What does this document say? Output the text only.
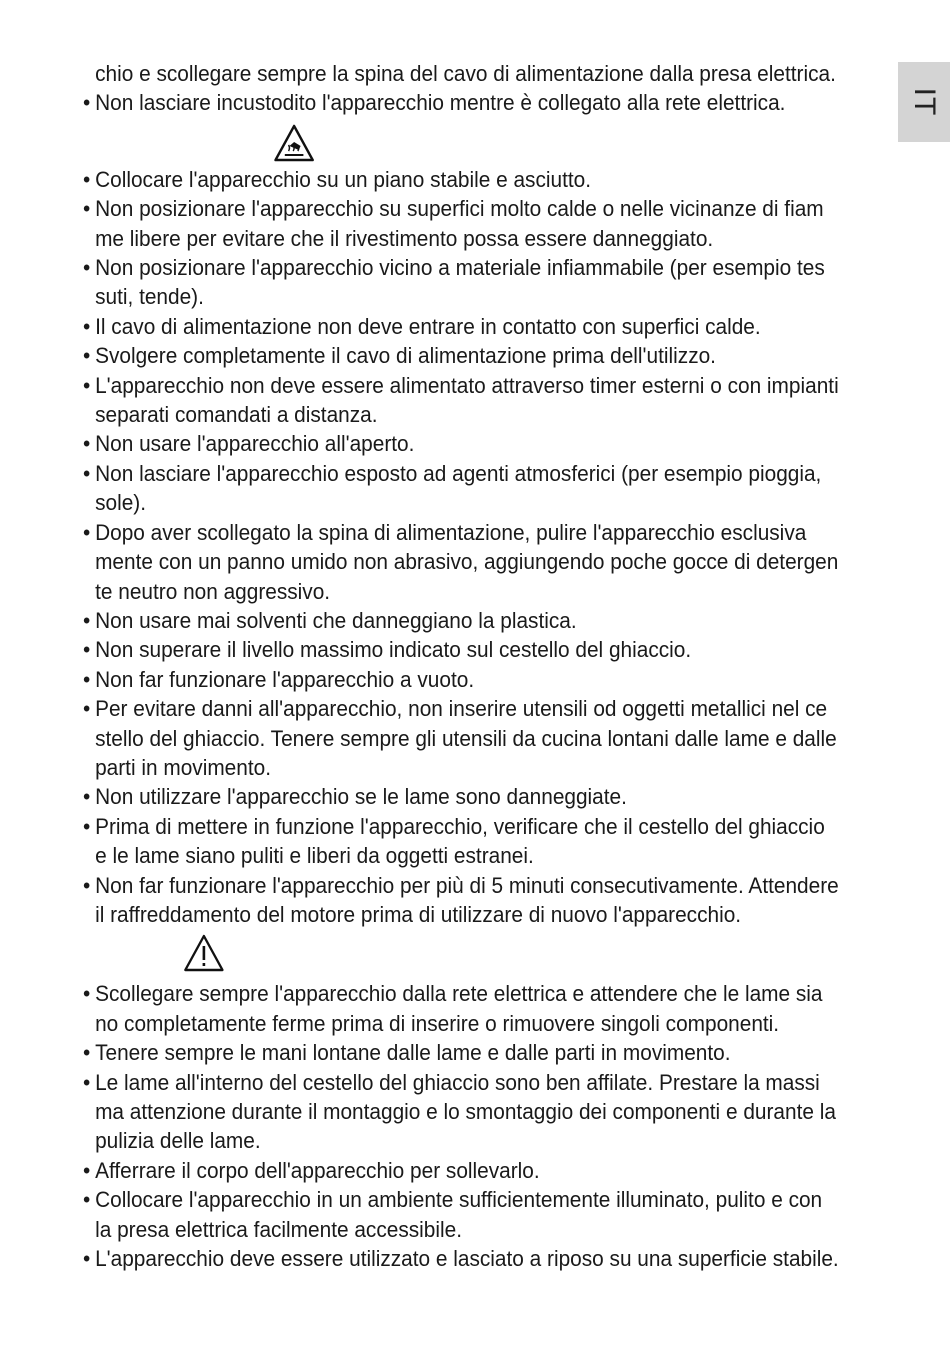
IT
chio e scollegare sempre la spina del cavo di alimentazione dalla presa elettrica.
• Non lasciare incustodito l'apparecchio mentre è collegato alla rete elettrica.
• Collocare l'apparecchio su un piano stabile e asciutto.
• Non posizionare l'apparecchio su superfici molto calde o nelle vicinanze di fiam
me libere per evitare che il rivestimento possa essere danneggiato.
• Non posizionare l'apparecchio vicino a materiale infiammabile (per esempio tes
suti, tende).
• Il cavo di alimentazione non deve entrare in contatto con superfici calde.
• Svolgere completamente il cavo di alimentazione prima dell'utilizzo.
• L'apparecchio non deve essere alimentato attraverso timer esterni o con impianti
separati comandati a distanza.
• Non usare l'apparecchio all'aperto.
• Non lasciare l'apparecchio esposto ad agenti atmosferici (per esempio pioggia,
sole).
• Dopo aver scollegato la spina di alimentazione, pulire l'apparecchio esclusiva
mente con un panno umido non abrasivo, aggiungendo poche gocce di detergen
te neutro non aggressivo.
• Non usare mai solventi che danneggiano la plastica.
• Non superare il livello massimo indicato sul cestello del ghiaccio.
• Non far funzionare l'apparecchio a vuoto.
• Per evitare danni all'apparecchio, non inserire utensili od oggetti metallici nel ce
stello del ghiaccio. Tenere sempre gli utensili da cucina lontani dalle lame e dalle
parti in movimento.
• Non utilizzare l'apparecchio se le lame sono danneggiate.
• Prima di mettere in funzione l'apparecchio, verificare che il cestello del ghiaccio
e le lame siano puliti e liberi da oggetti estranei.
• Non far funzionare l'apparecchio per più di 5 minuti consecutivamente. Attendere
il raffreddamento del motore prima di utilizzare di nuovo l'apparecchio.
• Scollegare sempre l'apparecchio dalla rete elettrica e attendere che le lame sia
no completamente ferme prima di inserire o rimuovere singoli componenti.
• Tenere sempre le mani lontane dalle lame e dalle parti in movimento.
• Le lame all'interno del cestello del ghiaccio sono ben affilate. Prestare la massi
ma attenzione durante il montaggio e lo smontaggio dei componenti e durante la
pulizia delle lame.
• Afferrare il corpo dell'apparecchio per sollevarlo.
• Collocare l'apparecchio in un ambiente sufficientemente illuminato, pulito e con
la presa elettrica facilmente accessibile.
• L'apparecchio deve essere utilizzato e lasciato a riposo su una superficie stabile.
